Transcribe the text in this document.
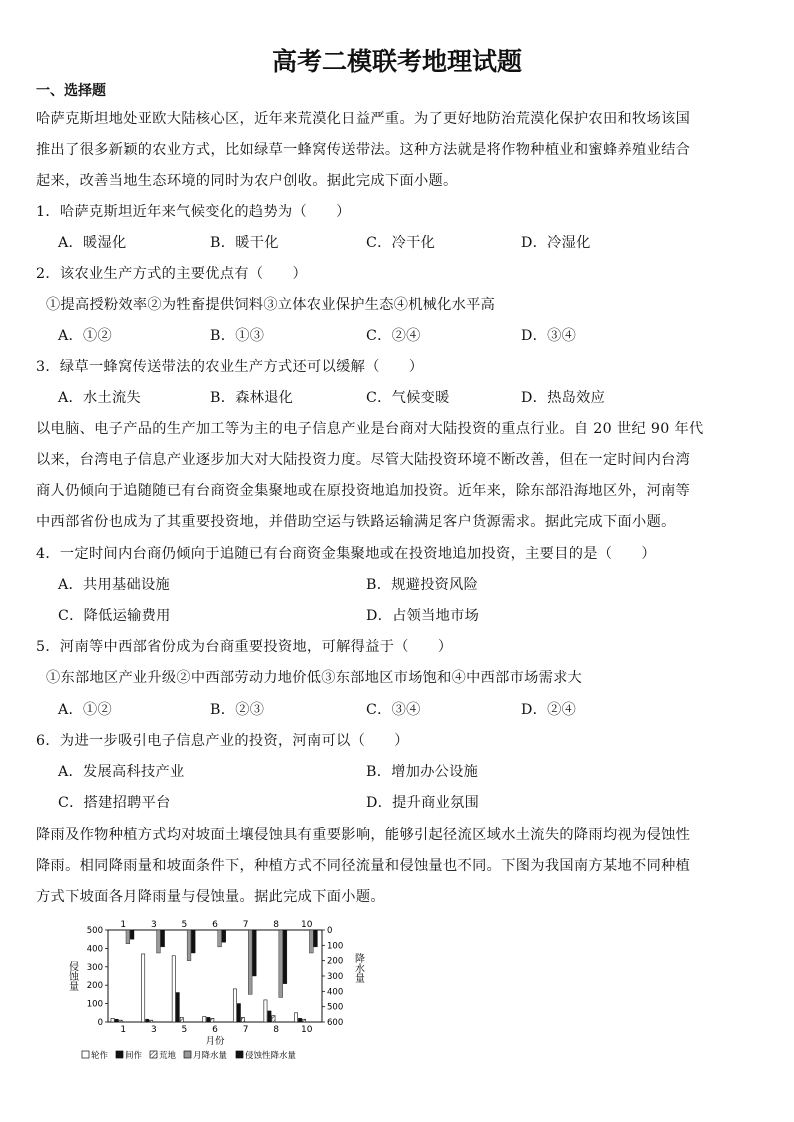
高考二模联考地理试题
一、选择题
哈萨克斯坦地处亚欧大陆核心区，近年来荒漠化日益严重。为了更好地防治荒漠化保护农田和牧场该国
推出了很多新颖的农业方式，比如绿草一蜂窝传送带法。这种方法就是将作物种植业和蜜蜂养殖业结合
起来，改善当地生态环境的同时为农户创收。据此完成下面小题。
1．哈萨克斯坦近年来气候变化的趋势为（　　）
A．暖湿化	B．暖干化	C．冷干化	D．冷湿化
2．该农业生产方式的主要优点有（　　）
①提高授粉效率②为牲畜提供饲料③立体农业保护生态④机械化水平高
A．①②	B．①③	C．②④	D．③④
3．绿草一蜂窝传送带法的农业生产方式还可以缓解（　　）
A．水土流失	B．森林退化	C．气候变暖	D．热岛效应
以电脑、电子产品的生产加工等为主的电子信息产业是台商对大陆投资的重点行业。自 20 世纪 90 年代
以来，台湾电子信息产业逐步加大对大陆投资力度。尽管大陆投资环境不断改善，但在一定时间内台湾
商人仍倾向于追随随已有台商资金集聚地或在原投资地追加投资。近年来，除东部沿海地区外，河南等
中西部省份也成为了其重要投资地，并借助空运与铁路运输满足客户货源需求。据此完成下面小题。
4．一定时间内台商仍倾向于追随已有台商资金集聚地或在投资地追加投资，主要目的是（　　）
A．共用基础设施	B．规避投资风险
C．降低运输费用	D．占领当地市场
5．河南等中西部省份成为台商重要投资地，可解得益于（　　）
①东部地区产业升级②中西部劳动力地价低③东部地区市场饱和④中西部市场需求大
A．①②	B．②③	C．③④	D．②④
6．为进一步吸引电子信息产业的投资，河南可以（　　）
A．发展高科技产业	B．增加办公设施
C．搭建招聘平台	D．提升商业氛围
降雨及作物种植方式均对坡面土壤侵蚀具有重要影响，能够引起径流区域水土流失的降雨均视为侵蚀性
降雨。相同降雨量和坡面条件下，种植方式不同径流量和侵蚀量也不同。下图为我国南方某地不同种植
方式下坡面各月降雨量与侵蚀量。据此完成下面小题。
0
100
200
300
400
500	0
100
200
300
400
500
600
1	3	5	6	7	8 10
1	3	5	6	7	8 10
侵蚀量	降水量
月份
轮作 间作 荒地 月降水量 侵蚀性降水量
